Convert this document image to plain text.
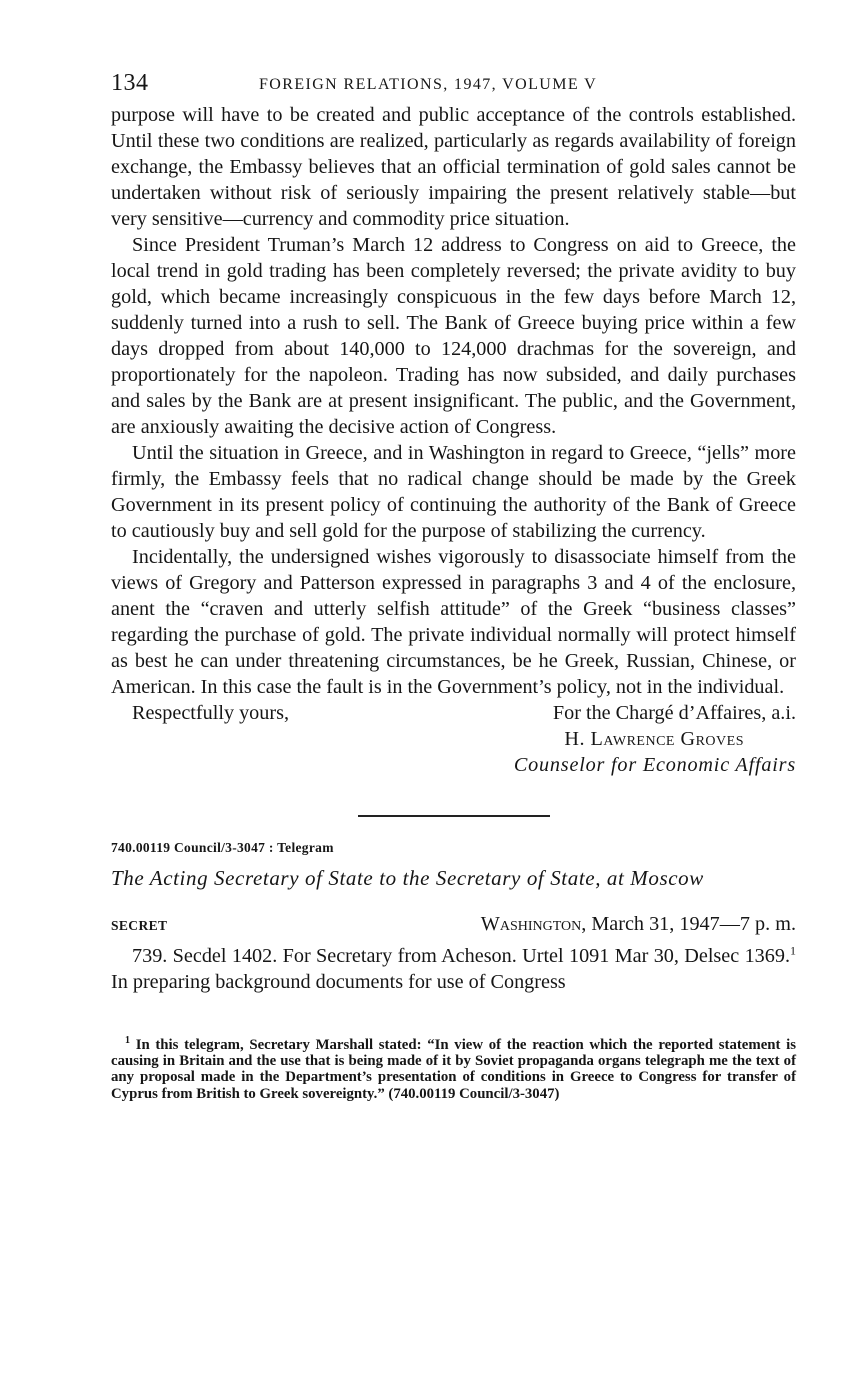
134	FOREIGN RELATIONS, 1947, VOLUME V

purpose will have to be created and public acceptance of the controls established. Until these two conditions are realized, particularly as regards availability of foreign exchange, the Embassy believes that an official termination of gold sales cannot be undertaken without risk of seriously impairing the present relatively stable—but very sensitive—currency and commodity price situation.

Since President Truman’s March 12 address to Congress on aid to Greece, the local trend in gold trading has been completely reversed; the private avidity to buy gold, which became increasingly conspicuous in the few days before March 12, suddenly turned into a rush to sell. The Bank of Greece buying price within a few days dropped from about 140,000 to 124,000 drachmas for the sovereign, and proportionately for the napoleon. Trading has now subsided, and daily purchases and sales by the Bank are at present insignificant. The public, and the Government, are anxiously awaiting the decisive action of Congress.

Until the situation in Greece, and in Washington in regard to Greece, “jells” more firmly, the Embassy feels that no radical change should be made by the Greek Government in its present policy of continuing the authority of the Bank of Greece to cautiously buy and sell gold for the purpose of stabilizing the currency.

Incidentally, the undersigned wishes vigorously to disassociate himself from the views of Gregory and Patterson expressed in paragraphs 3 and 4 of the enclosure, anent the “craven and utterly selfish attitude” of the Greek “business classes” regarding the purchase of gold. The private individual normally will protect himself as best he can under threatening circumstances, be he Greek, Russian, Chinese, or American. In this case the fault is in the Government’s policy, not in the individual.

Respectfully yours,	For the Chargé d’Affaires, a.i.
H. Lawrence Groves
Counselor for Economic Affairs
740.00119 Council/3-3047 : Telegram
The Acting Secretary of State to the Secretary of State, at Moscow
SECRET	Washington, March 31, 1947—7 p. m.

739. Secdel 1402. For Secretary from Acheson. Urtel 1091 Mar 30, Delsec 1369.$^1$ In preparing background documents for use of Congress

$^1$ In this telegram, Secretary Marshall stated: “In view of the reaction which the reported statement is causing in Britain and the use that is being made of it by Soviet propaganda organs telegraph me the text of any proposal made in the Department’s presentation of conditions in Greece to Congress for transfer of Cyprus from British to Greek sovereignty.” (740.00119 Council/3-3047)
